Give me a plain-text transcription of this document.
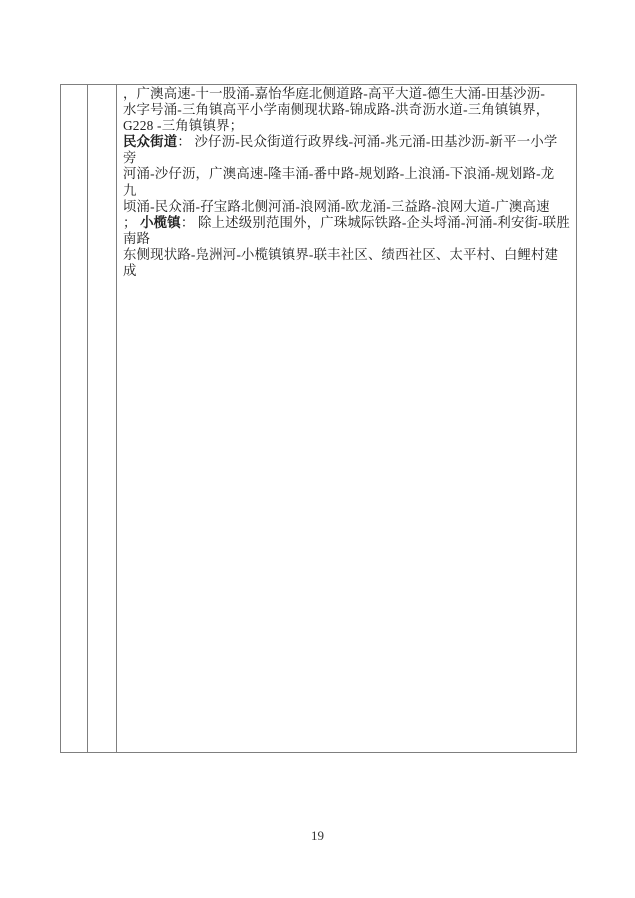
，广澳高速-十一股涌-嘉怡华庭北侧道路-高平大道-德生大涌-田基沙沥-
水字号涌-三角镇高平小学南侧现状路-锦成路-洪奇沥水道-三角镇镇界，
G228 -三角镇镇界；
民众街道： 沙仔沥-民众街道行政界线-河涌-兆元涌-田基沙沥-新平一小学
旁
河涌-沙仔沥，广澳高速-隆丰涌-番中路-规划路-上浪涌-下浪涌-规划路-龙
九
顷涌-民众涌-孖宝路北侧河涌-浪网涌-欧龙涌-三益路-浪网大道-广澳高速
； 小榄镇： 除上述级别范围外，广珠城际铁路-企头埒涌-河涌-利安街-联胜
南路
东侧现状路-凫洲河-小榄镇镇界-联丰社区、绩西社区、太平村、白鲤村建
成
19
